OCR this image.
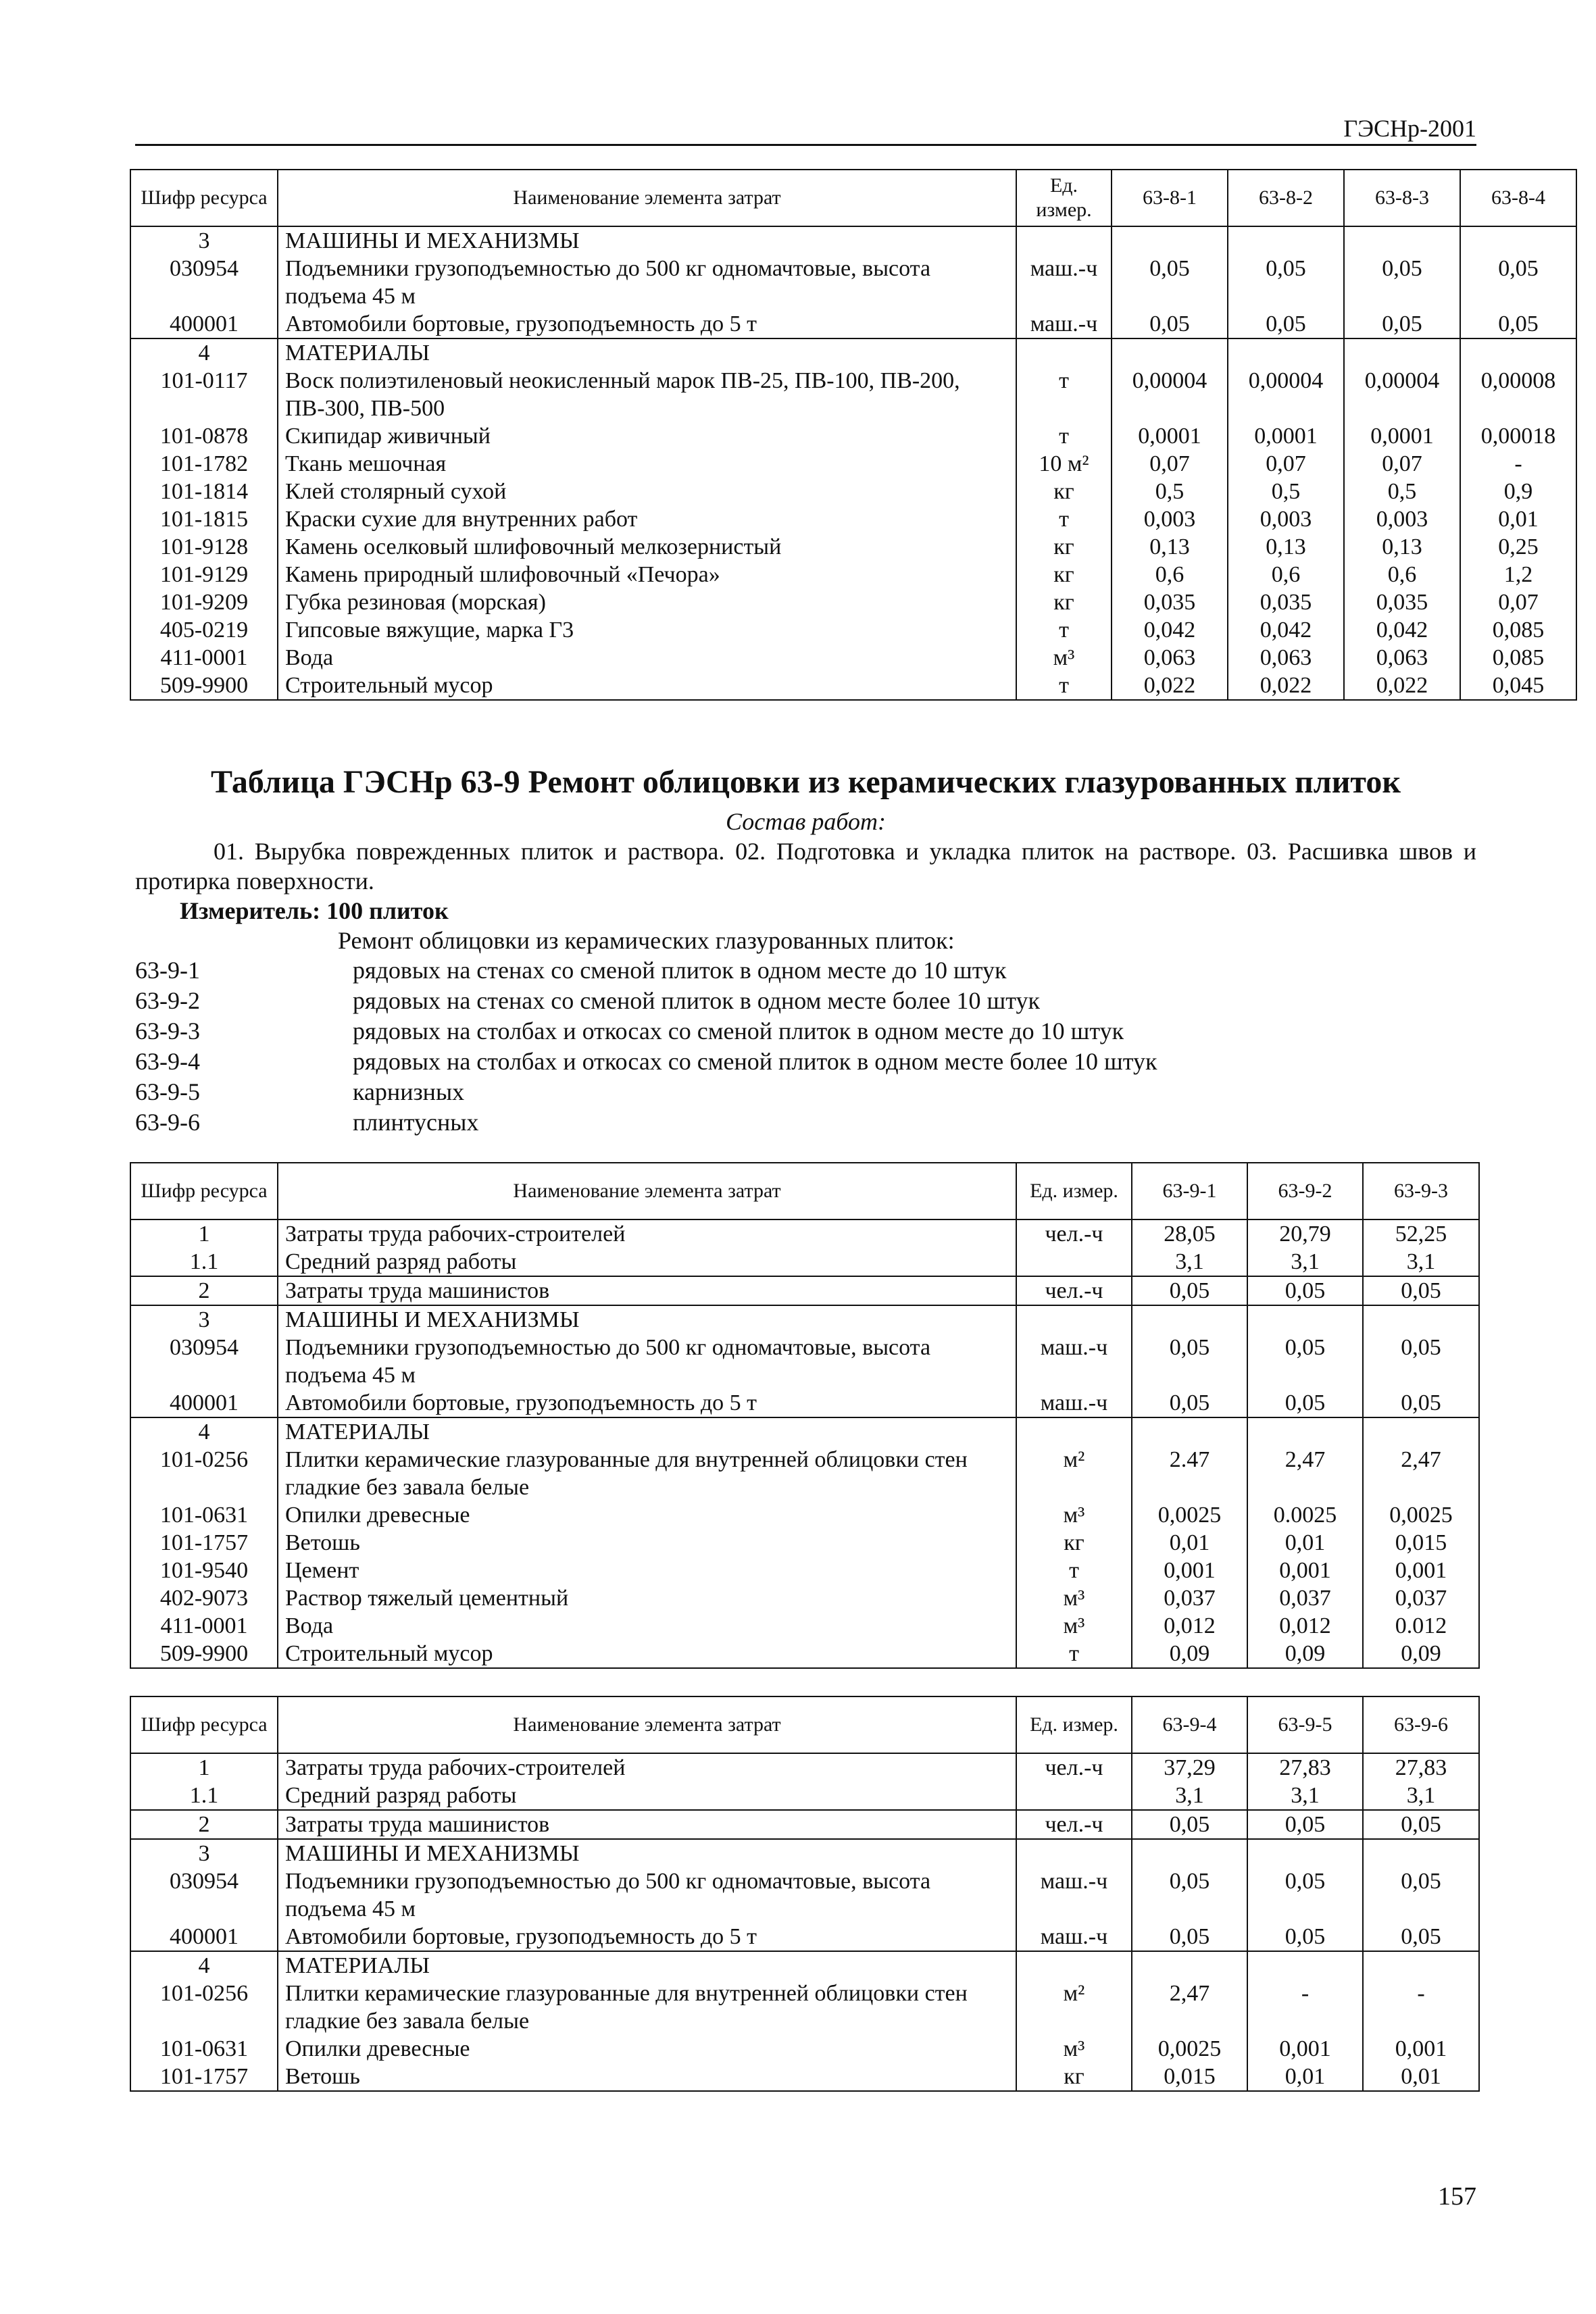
ГЭСНр-2001
Шифр ресурса	Наименование элемента затрат	Ед. измер.	63-8-1	63-8-2	63-8-3	63-8-4
3	МАШИНЫ И МЕХАНИЗМЫ					
030954	Подъемники грузоподъемностью до 500 кг одномачтовые, высота подъема 45 м	маш.-ч	0,05	0,05	0,05	0,05
400001	Автомобили бортовые, грузоподъемность до 5 т	маш.-ч	0,05	0,05	0,05	0,05
4	МАТЕРИАЛЫ					
101-0117	Воск полиэтиленовый неокисленный марок ПВ-25, ПВ-100, ПВ-200, ПВ-300, ПВ-500	т	0,00004	0,00004	0,00004	0,00008
101-0878	Скипидар живичный	т	0,0001	0,0001	0,0001	0,00018
101-1782	Ткань мешочная	10 м²	0,07	0,07	0,07	-
101-1814	Клей столярный сухой	кг	0,5	0,5	0,5	0,9
101-1815	Краски сухие для внутренних работ	т	0,003	0,003	0,003	0,01
101-9128	Камень оселковый шлифовочный мелкозернистый	кг	0,13	0,13	0,13	0,25
101-9129	Камень природный шлифовочный «Печора»	кг	0,6	0,6	0,6	1,2
101-9209	Губка резиновая (морская)	кг	0,035	0,035	0,035	0,07
405-0219	Гипсовые вяжущие, марка Г3	т	0,042	0,042	0,042	0,085
411-0001	Вода	м³	0,063	0,063	0,063	0,085
509-9900	Строительный мусор	т	0,022	0,022	0,022	0,045
Таблица ГЭСНр 63-9 Ремонт облицовки из керамических глазурованных плиток
Состав работ:
01. Вырубка поврежденных плиток и раствора. 02. Подготовка и укладка плиток на растворе. 03. Расшивка швов и протирка поверхности.
Измеритель: 100 плиток
Ремонт облицовки из керамических глазурованных плиток:
63-9-1	рядовых на стенах со сменой плиток в одном месте до 10 штук
63-9-2	рядовых на стенах со сменой плиток в одном месте более 10 штук
63-9-3	рядовых на столбах и откосах со сменой плиток в одном месте до 10 штук
63-9-4	рядовых на столбах и откосах со сменой плиток в одном месте более 10 штук
63-9-5	карнизных
63-9-6	плинтусных
Шифр ресурса	Наименование элемента затрат	Ед. измер.	63-9-1	63-9-2	63-9-3
1	Затраты труда рабочих-строителей	чел.-ч	28,05	20,79	52,25
1.1	Средний разряд работы		3,1	3,1	3,1
2	Затраты труда машинистов	чел.-ч	0,05	0,05	0,05
3	МАШИНЫ И МЕХАНИЗМЫ				
030954	Подъемники грузоподъемностью до 500 кг одномачтовые, высота подъема 45 м	маш.-ч	0,05	0,05	0,05
400001	Автомобили бортовые, грузоподъемность до 5 т	маш.-ч	0,05	0,05	0,05
4	МАТЕРИАЛЫ				
101-0256	Плитки керамические глазурованные для внутренней облицовки стен гладкие без завала белые	м²	2.47	2,47	2,47
101-0631	Опилки древесные	м³	0,0025	0.0025	0,0025
101-1757	Ветошь	кг	0,01	0,01	0,015
101-9540	Цемент	т	0,001	0,001	0,001
402-9073	Раствор тяжелый цементный	м³	0,037	0,037	0,037
411-0001	Вода	м³	0,012	0,012	0.012
509-9900	Строительный мусор	т	0,09	0,09	0,09
Шифр ресурса	Наименование элемента затрат	Ед. измер.	63-9-4	63-9-5	63-9-6
1	Затраты труда рабочих-строителей	чел.-ч	37,29	27,83	27,83
1.1	Средний разряд работы		3,1	3,1	3,1
2	Затраты труда машинистов	чел.-ч	0,05	0,05	0,05
3	МАШИНЫ И МЕХАНИЗМЫ				
030954	Подъемники грузоподъемностью до 500 кг одномачтовые, высота подъема 45 м	маш.-ч	0,05	0,05	0,05
400001	Автомобили бортовые, грузоподъемность до 5 т	маш.-ч	0,05	0,05	0,05
4	МАТЕРИАЛЫ				
101-0256	Плитки керамические глазурованные для внутренней облицовки стен гладкие без завала белые	м²	2,47	-	-
101-0631	Опилки древесные	м³	0,0025	0,001	0,001
101-1757	Ветошь	кг	0,015	0,01	0,01
157
